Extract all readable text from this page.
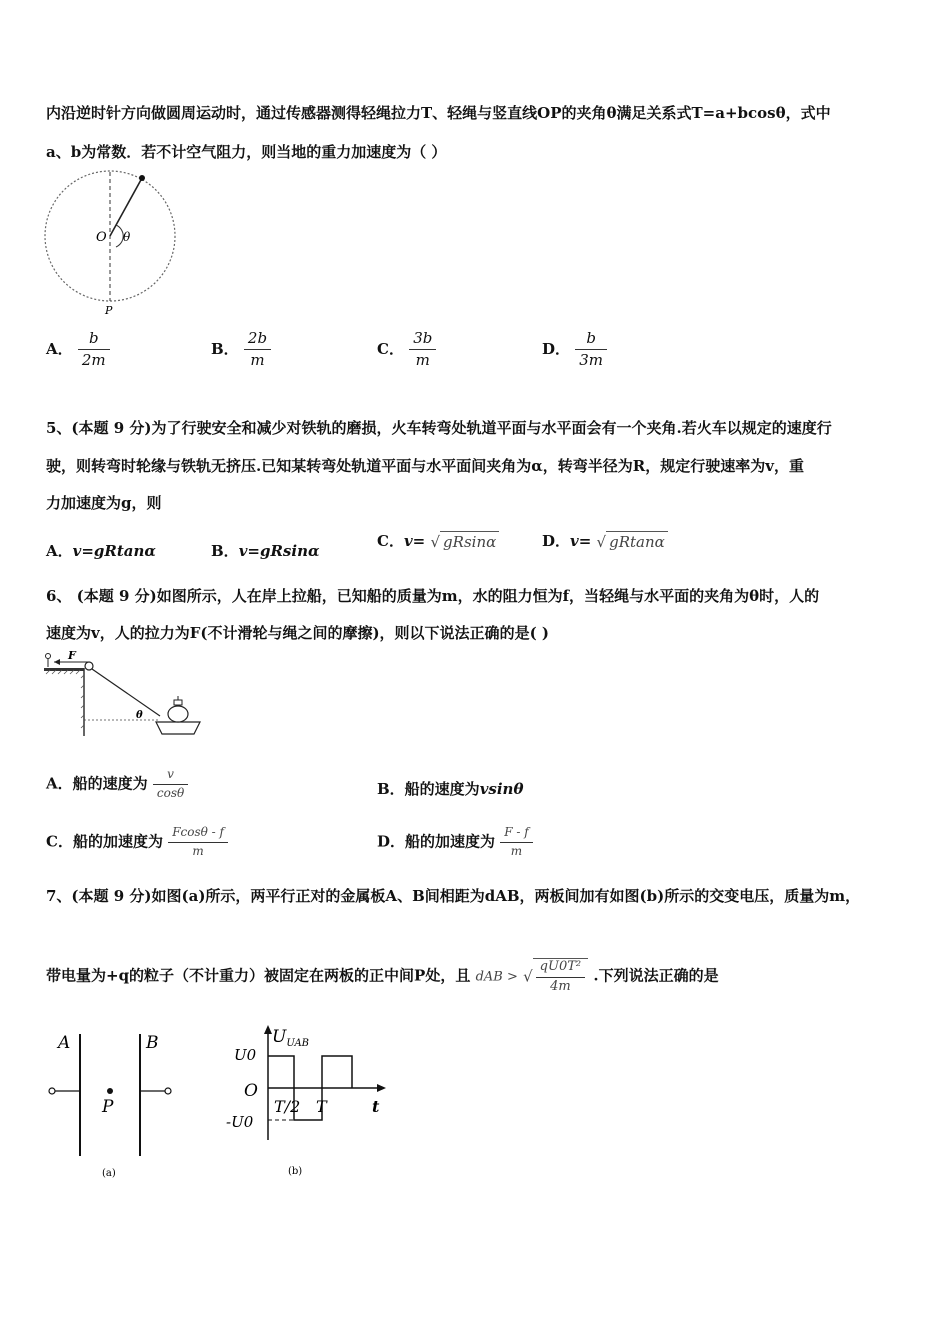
内沿逆时针方向做圆周运动时，通过传感器测得轻绳拉力T、轻绳与竖直线OP的夹角θ满足关系式T=a+bcosθ，式中
a、b为常数．若不计空气阻力，则当地的重力加速度为（ ）
O θ
P
A． $\frac{b}{2m}$	B． $\frac{2b}{m}$	C． $\frac{3b}{m}$	D． $\frac{b}{3m}$
5、(本题 9 分)为了行驶安全和减少对铁轨的磨损，火车转弯处轨道平面与水平面会有一个夹角.若火车以规定的速度行
驶，则转弯时轮缘与铁轨无挤压.已知某转弯处轨道平面与水平面间夹角为α，转弯半径为R，规定行驶速率为v，重
力加速度为g，则
A．v=gRtanα	B．v=gRsinα
C．v= √ gRsinα	D．v= √ gRtanα
6、 (本题 9 分)如图所示，人在岸上拉船，已知船的质量为m，水的阻力恒为f，当轻绳与水平面的夹角为θ时，人的
速度为v，人的拉力为F(不计滑轮与绳之间的摩擦)，则以下说法正确的是( )
F
θ
A．船的速度为 $\frac{v}{\cos\theta}$	B．船的速度为vsinθ
C．船的加速度为 $\frac{Fcos\theta - f}{m}$	D．船的加速度为 $\frac{F - f}{m}$
7、(本题 9 分)如图(a)所示，两平行正对的金属板A、B间相距为dAB，两板间加有如图(b)所示的交变电压，质量为m，
带电量为+q的粒子（不计重力）被固定在两板的正中间P处，且 dAB > √ $\frac{\text{qU0T²}}{4m}$ .下列说法正确的是
A	B
P
(a)
$U_{UAB}$
U0
O
-U0
T/2 T	t
(b)
